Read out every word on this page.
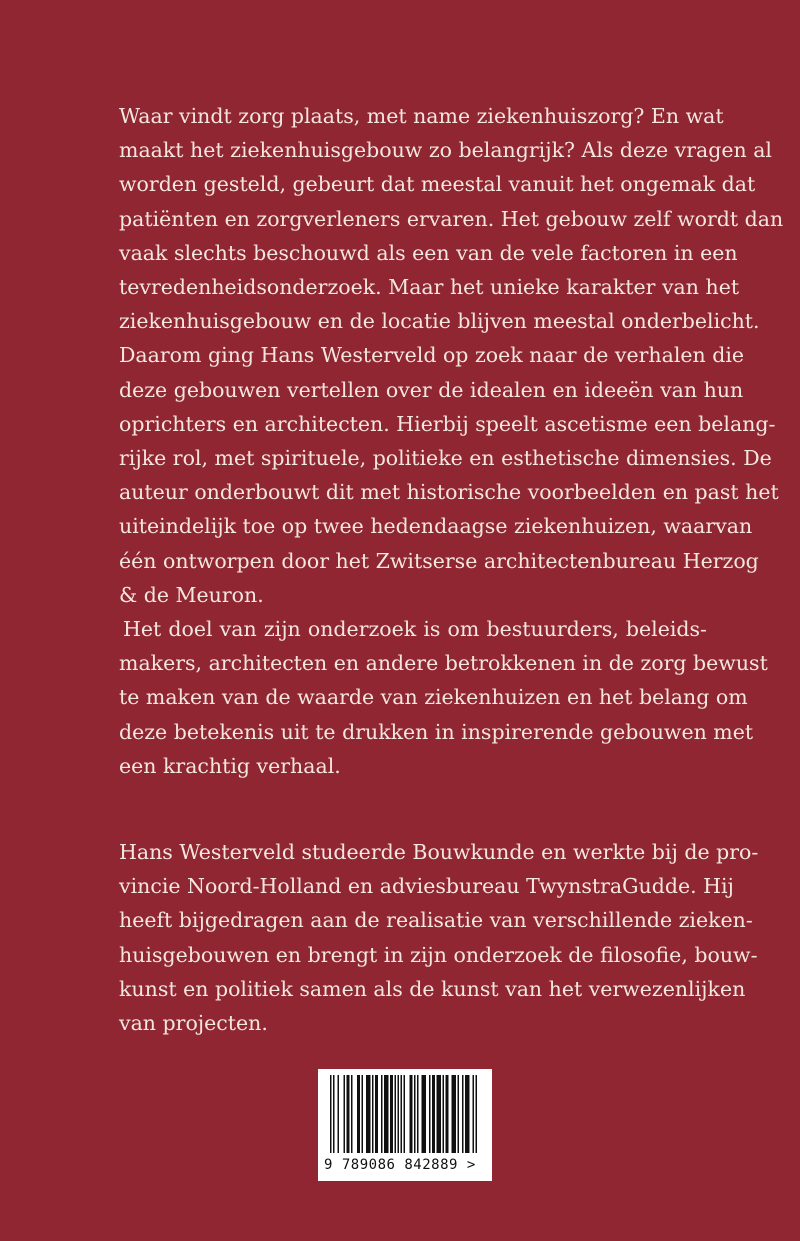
Waar vindt zorg plaats, met name ziekenhuiszorg? En wat
maakt het ziekenhuisgebouw zo belangrijk? Als deze vragen al
worden gesteld, gebeurt dat meestal vanuit het ongemak dat
patiënten en zorgverleners ervaren. Het gebouw zelf wordt dan
vaak slechts beschouwd als een van de vele factoren in een
tevredenheidsonderzoek. Maar het unieke karakter van het
ziekenhuisgebouw en de locatie blijven meestal onderbelicht.
Daarom ging Hans Westerveld op zoek naar de verhalen die
deze gebouwen vertellen over de idealen en ideeën van hun
oprichters en architecten. Hierbij speelt ascetisme een belang-
rijke rol, met spirituele, politieke en esthetische dimensies. De
auteur onderbouwt dit met historische voorbeelden en past het
uiteindelijk toe op twee hedendaagse ziekenhuizen, waarvan
één ontworpen door het Zwitserse architectenbureau Herzog
& de Meuron.

Het doel van zijn onderzoek is om bestuurders, beleids-
makers, architecten en andere betrokkenen in de zorg bewust
te maken van de waarde van ziekenhuizen en het belang om
deze betekenis uit te drukken in inspirerende gebouwen met
een krachtig verhaal.

Hans Westerveld studeerde Bouwkunde en werkte bij de pro-
vincie Noord-Holland en adviesbureau TwynstraGudde. Hij
heeft bijgedragen aan de realisatie van verschillende zieken-
huisgebouwen en brengt in zijn onderzoek de filosofie, bouw-
kunst en politiek samen als de kunst van het verwezenlijken
van projecten.

9 789086 842889 >
